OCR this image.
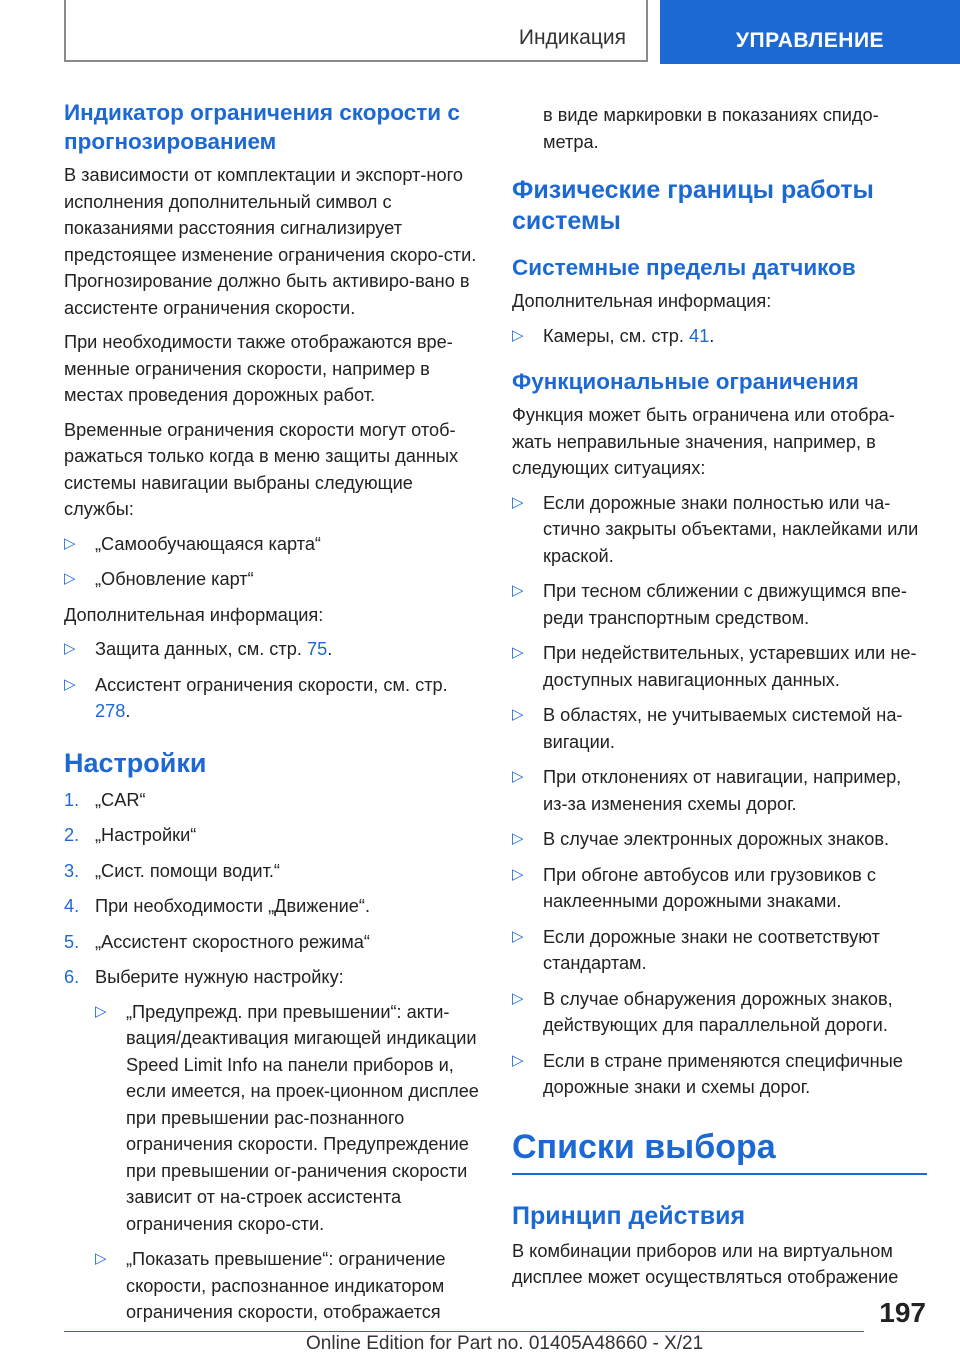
Индикация	УПРАВЛЕНИЕ
Индикатор ограничения скорости с прогнозированием

В зависимости от комплектации и экспорт-ного исполнения дополнительный символ с показаниями расстояния сигнализирует предстоящее изменение ограничения скоро-сти. Прогнозирование должно быть активиро-вано в ассистенте ограничения скорости.

При необходимости также отображаются вре-менные ограничения скорости, например в местах проведения дорожных работ.

Временные ограничения скорости могут отоб-ражаться только когда в меню защиты данных системы навигации выбраны следующие службы:

▷ „Самообучающаяся карта“
▷ „Обновление карт“

Дополнительная информация:

▷ Защита данных, см. стр. 75.
▷ Ассистент ограничения скорости, см. стр. 278.
Настройки
1. „CAR“
2. „Настройки“
3. „Сист. помощи водит.“
4. При необходимости „Движение“.
5. „Ассистент скоростного режима“
6. Выберите нужную настройку:
▷ „Предупрежд. при превышении“: акти-вация/деактивация мигающей индикации Speed Limit Info на панели приборов и, если имеется, на проек-ционном дисплее при превышении рас-познанного ограничения скорости. Предупреждение при превышении ог-раничения скорости зависит от на-строек ассистента ограничения скоро-сти.
▷ „Показать превышение“: ограничение скорости, распознанное индикатором ограничения скорости, отображается
в виде маркировки в показаниях спидо-метра.
Физические границы работы системы
Системные пределы датчиков

Дополнительная информация:

▷ Камеры, см. стр. 41.
Функциональные ограничения

Функция может быть ограничена или отобра-жать неправильные значения, например, в следующих ситуациях:

▷ Если дорожные знаки полностью или ча-стично закрыты объектами, наклейками или краской.
▷ При тесном сближении с движущимся впе-реди транспортным средством.
▷ При недействительных, устаревших или не-доступных навигационных данных.
▷ В областях, не учитываемых системой на-вигации.
▷ При отклонениях от навигации, например, из-за изменения схемы дорог.
▷ В случае электронных дорожных знаков.
▷ При обгоне автобусов или грузовиков с наклеенными дорожными знаками.
▷ Если дорожные знаки не соответствуют стандартам.
▷ В случае обнаружения дорожных знаков, действующих для параллельной дороги.
▷ Если в стране применяются специфичные дорожные знаки и схемы дорог.
Списки выбора
Принцип действия

В комбинации приборов или на виртуальном дисплее может осуществляться отображение

197
Online Edition for Part no. 01405A48660 - X/21
